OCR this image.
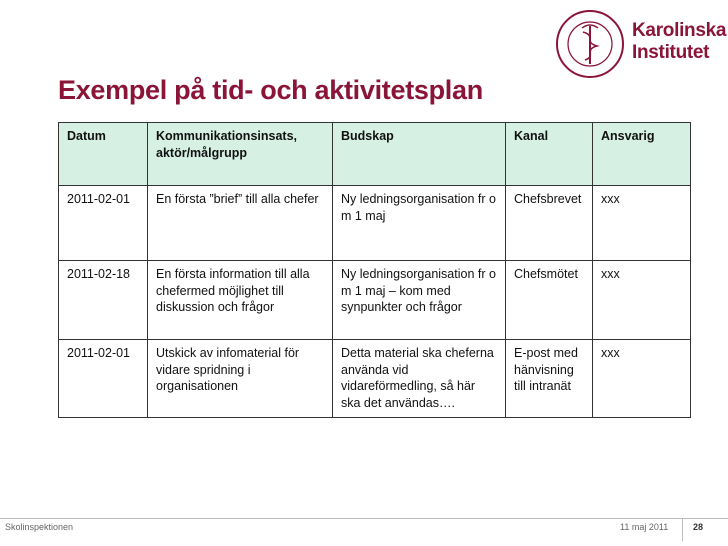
Karolinska
Institutet
Exempel på tid- och aktivitetsplan
Datum	Kommunikationsinsats, aktör/målgrupp	Budskap	Kanal	Ansvarig
2011-02-01	En första ”brief” till alla chefer	Ny ledningsorganisation fr o m 1 maj	Chefsbrevet	xxx
2011-02-18	En första information till alla chefermed möjlighet till diskussion och frågor	Ny ledningsorganisation fr o m 1 maj – kom med synpunkter och frågor	Chefsmötet	xxx
2011-02-01	Utskick av infomaterial för vidare spridning i organisationen	Detta material ska cheferna använda vid vidareförmedling, så här ska det användas….	E-post med hänvisning till intranät	xxx
Skolinspektionen	11 maj 2011	28
